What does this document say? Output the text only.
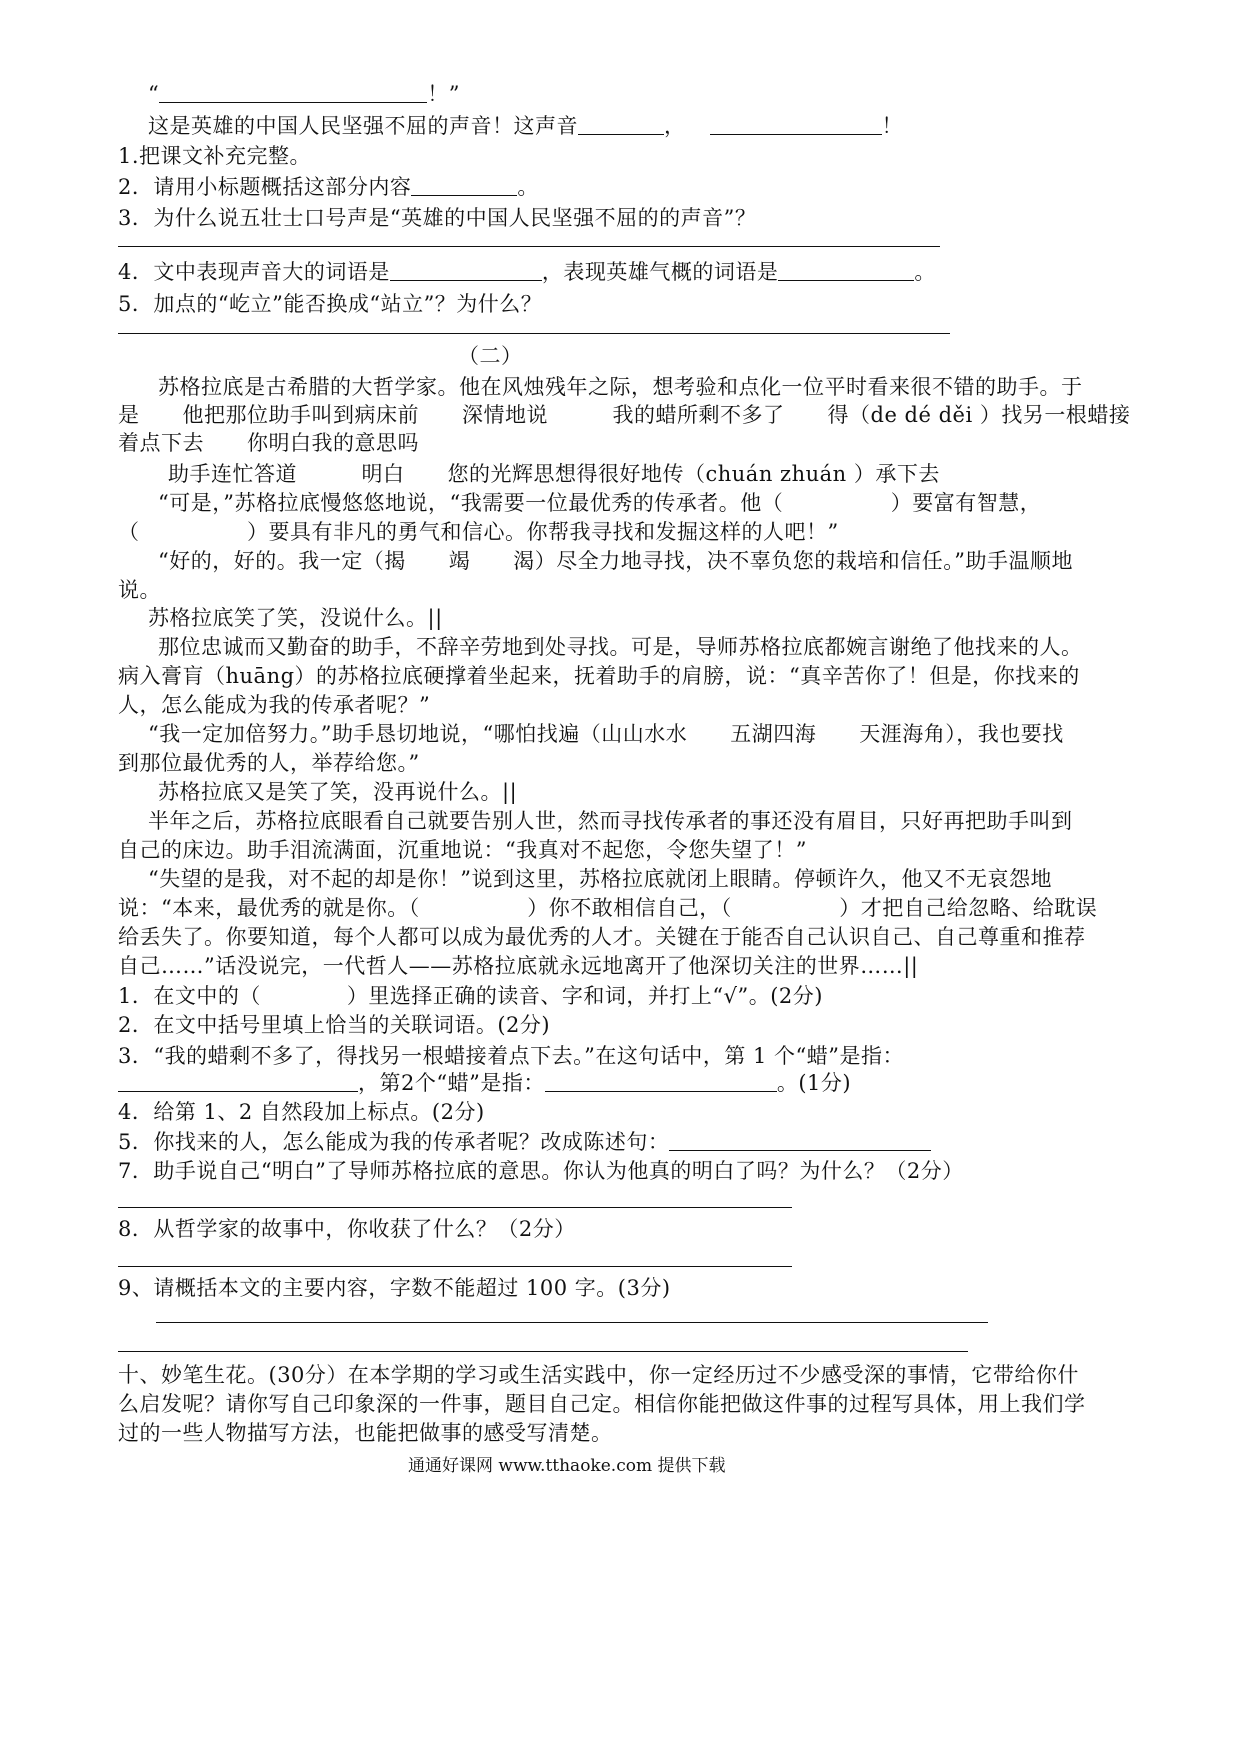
“	！”
这是英雄的中国人民坚强不屈的声音！这声音	，	！
1.把课文补充完整。
2．请用小标题概括这部分内容	。
3．为什么说五壮士口号声是“英雄的中国人民坚强不屈的的声音”？
4．文中表现声音大的词语是	，表现英雄气概的词语是	。
5．加点的“屹立”能否换成“站立”？为什么？
（二）
苏格拉底是古希腊的大哲学家。他在风烛残年之际，想考验和点化一位平时看来很不错的助手。于
是　　他把那位助手叫到病床前　　深情地说　　　我的蜡所剩不多了　　得（de dé děi ）找另一根蜡接
着点下去　　你明白我的意思吗
助手连忙答道　　　明白　　您的光辉思想得很好地传（chuán zhuán ）承下去
“可是，”苏格拉底慢悠悠地说，“我需要一位最优秀的传承者。他（　　　　　）要富有智慧，
（　　　　　）要具有非凡的勇气和信心。你帮我寻找和发掘这样的人吧！”
“好的，好的。我一定（揭　　竭　　渴）尽全力地寻找，决不辜负您的栽培和信任。”助手温顺地
说。
苏格拉底笑了笑，没说什么。||
那位忠诚而又勤奋的助手，不辞辛劳地到处寻找。可是，导师苏格拉底都婉言谢绝了他找来的人。
病入膏肓（huāng）的苏格拉底硬撑着坐起来，抚着助手的肩膀，说：“真辛苦你了！但是，你找来的
人，怎么能成为我的传承者呢？”
“我一定加倍努力。”助手恳切地说，“哪怕找遍（山山水水　　五湖四海　　天涯海角），我也要找
到那位最优秀的人，举荐给您。”
苏格拉底又是笑了笑，没再说什么。||
半年之后，苏格拉底眼看自己就要告别人世，然而寻找传承者的事还没有眉目，只好再把助手叫到
自己的床边。助手泪流满面，沉重地说：“我真对不起您，令您失望了！”
“失望的是我，对不起的却是你！”说到这里，苏格拉底就闭上眼睛。停顿许久，他又不无哀怨地
说：“本来，最优秀的就是你。（　　　　　）你不敢相信自己，（　　　　　）才把自己给忽略、给耽误
给丢失了。你要知道，每个人都可以成为最优秀的人才。关键在于能否自己认识自己、自己尊重和推荐
自己……”话没说完，一代哲人——苏格拉底就永远地离开了他深切关注的世界……||
1．在文中的（　　　　）里选择正确的读音、字和词，并打上“√”。(2分)
2．在文中括号里填上恰当的关联词语。(2分)
3．“我的蜡剩不多了，得找另一根蜡接着点下去。”在这句话中，第 1 个“蜡”是指：
，第2个“蜡”是指：	。(1分)
4．给第 1、2 自然段加上标点。(2分)
5．你找来的人，怎么能成为我的传承者呢？改成陈述句：
7．助手说自己“明白”了导师苏格拉底的意思。你认为他真的明白了吗？为什么？（2分）
8．从哲学家的故事中，你收获了什么？（2分）
9、请概括本文的主要内容，字数不能超过 100 字。(3分)
十、妙笔生花。(30分）在本学期的学习或生活实践中，你一定经历过不少感受深的事情，它带给你什
么启发呢？请你写自己印象深的一件事，题目自己定。相信你能把做这件事的过程写具体，用上我们学
过的一些人物描写方法，也能把做事的感受写清楚。
通通好课网 www.tthaoke.com 提供下载
